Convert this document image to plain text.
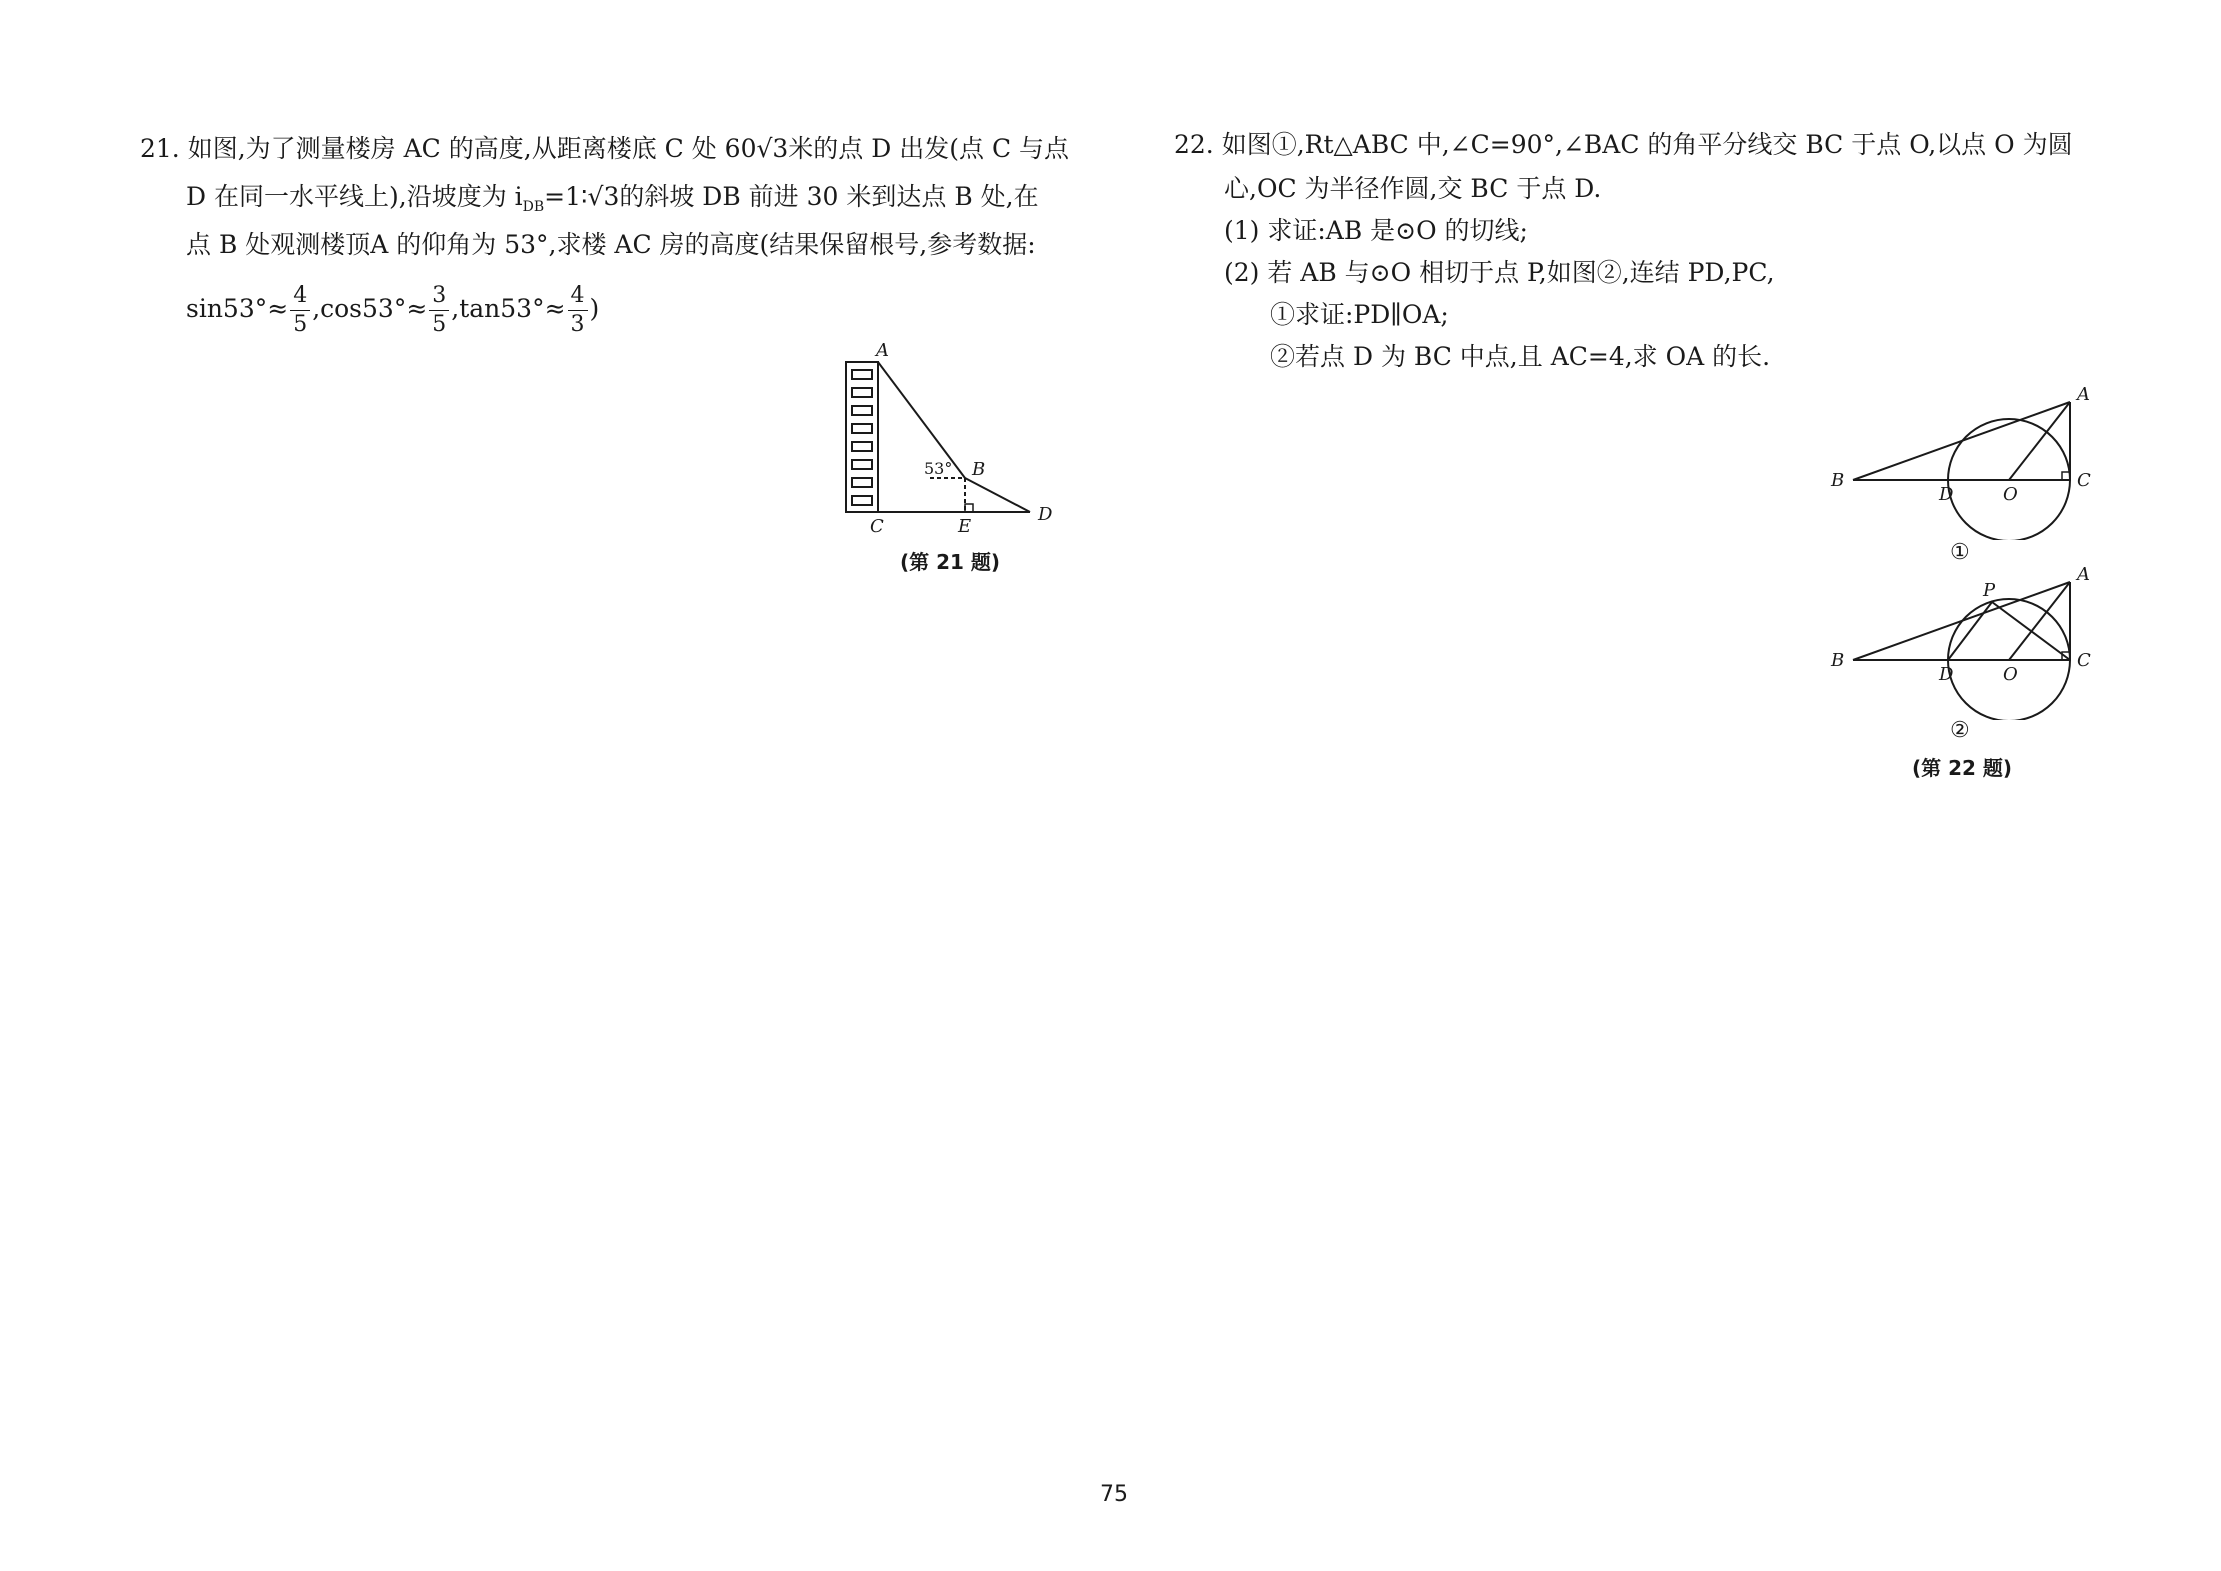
21. 如图,为了测量楼房 AC 的高度,从距离楼底 C 处 60√3米的点 D 出发(点 C 与点
D 在同一水平线上),沿坡度为 $i_{DB}=1∶√3$的斜坡 DB 前进 30 米到达点 B 处,在
点 B 处观测楼顶A 的仰角为 53°,求楼 AC 房的高度(结果保留根号,参考数据:
$\sin 53^\circ\approx \frac{4}{5} ,\cos 53^\circ\approx \frac{3}{5} ,\tan 53^\circ\approx \frac{4}{3}$ )
A
B
C	E
D
53°
(第 21 题)
22. 如图①,Rt△ABC 中,∠C=90°,∠BAC 的角平分线交 BC 于点 O,以点 O 为圆
心,OC 为半径作圆,交 BC 于点 D.
(1) 求证:AB 是⊙O 的切线;
(2) 若 AB 与⊙O 相切于点 P,如图②,连结 PD,PC,
①求证:PD∥OA;
②若点 D 为 BC 中点,且 AC=4,求 OA 的长.
A
B	C
D	O
①
A
B	C
D	O
P
②
(第 22 题)
75
